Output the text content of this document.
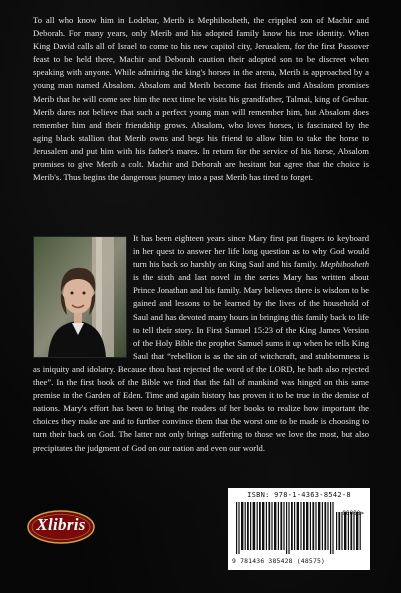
To all who know him in Lodebar, Merib is Mephibosheth, the crippled son of Machir and Deborah. For many years, only Merib and his adopted family know his true identity. When King David calls all of Israel to come to his new capitol city, Jerusalem, for the first Passover feast to be held there, Machir and Deborah caution their adopted son to be discreet when speaking with anyone. While admiring the king's horses in the arena, Merib is approached by a young man named Absalom. Absalom and Merib become fast friends and Absalom promises Merib that he will come see him the next time he visits his grandfather, Talmai, king of Geshur. Merib dares not believe that such a perfect young man will remember him, but Absalom does remember him and their friendship grows. Absalom, who loves horses, is fascinated by the aging black stallion that Merib owns and begs his friend to allow him to take the horse to Jerusalem and put him with his father's mares. In return for the service of his horse, Absalom promises to give Merib a colt. Machir and Deborah are hesitant but agree that the choice is Merib's. Thus begins the dangerous journey into a past Merib has tired to forget.
It has been eighteen years since Mary first put fingers to keyboard in her quest to answer her life long question as to why God would turn his back so harshly on King Saul and his family. Mephibosheth is the sixth and last novel in the series Mary has written about Prince Jonathan and his family. Mary believes there is wisdom to be gained and lessons to be learned by the lives of the household of Saul and has devoted many hours in bringing this family back to life to tell their story. In First Samuel 15:23 of the King James Version of the Holy Bible the prophet Samuel sums it up when he tells King Saul that “rebellion is as the sin of witchcraft, and stubbornness is as iniquity and idolatry. Because thou hast rejected the word of the LORD, he hath also rejected thee”. In the first book of the Bible we find that the fall of mankind was hinged on this same premise in the Garden of Eden. Time and again history has proven it to be true in the demise of nations. Mary's effort has been to bring the readers of her books to realize how important the choices they make are and to further convince them that the worst one to be made is choosing to turn their back on God. The latter not only brings suffering to those we love the most, but also precipitates the judgment of God on our nation and even our world.
Xlibris
ISBN: 978-1-4363-8542-8
90000>
9 781436 385428 (48575)
